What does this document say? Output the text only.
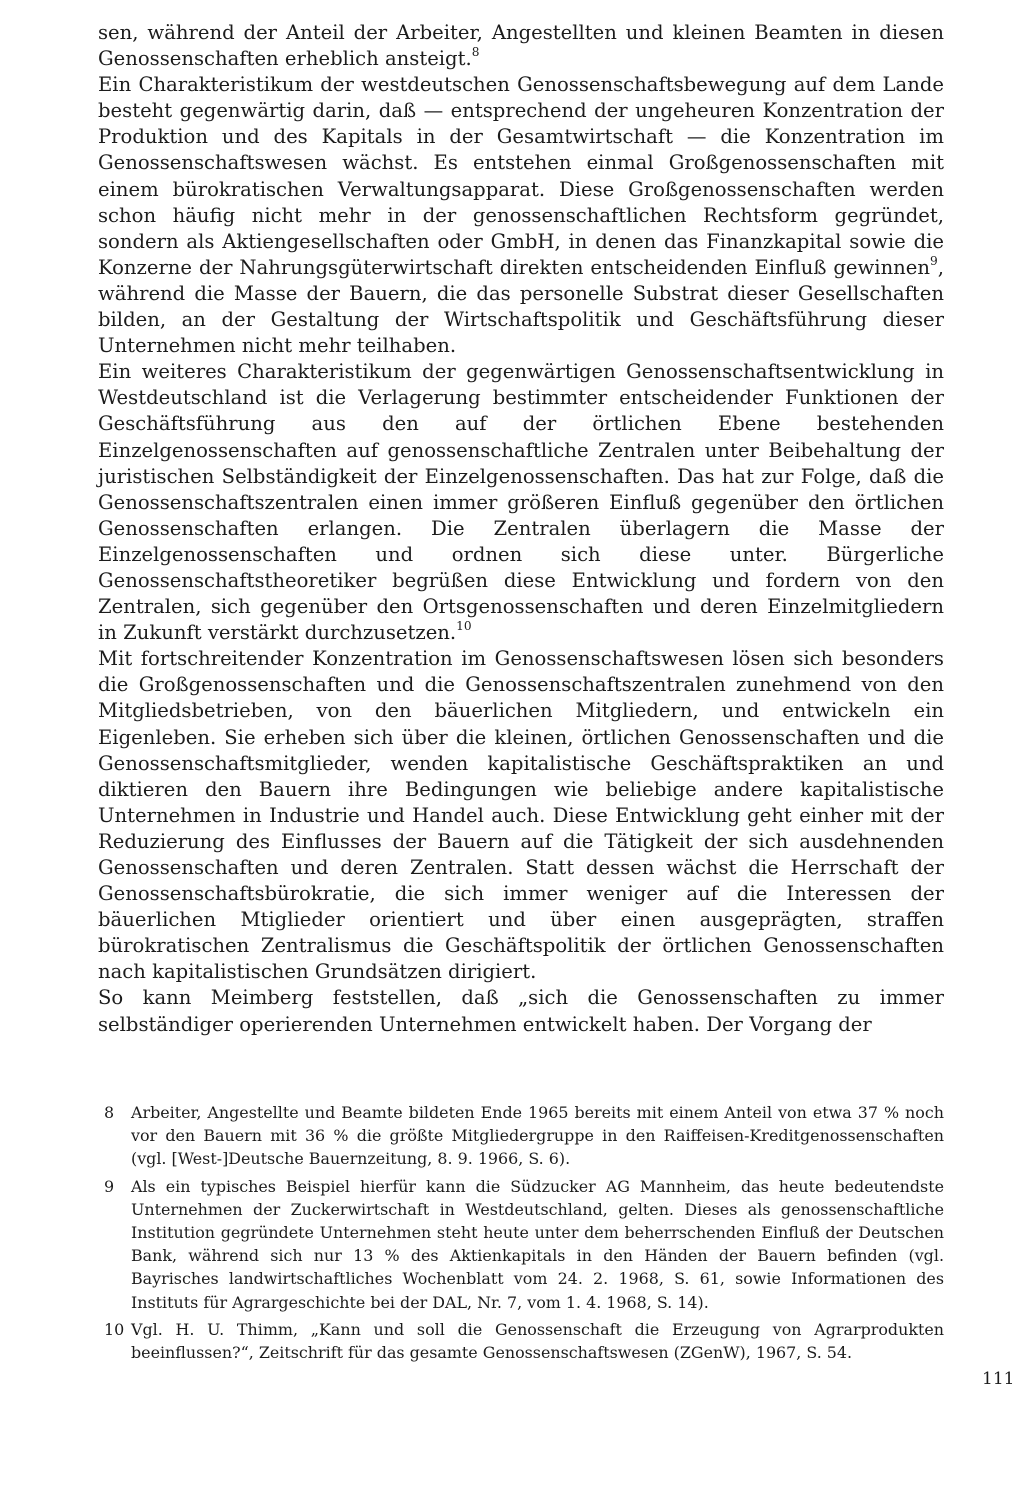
sen, während der Anteil der Arbeiter, Angestellten und kleinen Beamten in diesen Genossenschaften erheblich ansteigt.$^8$

Ein Charakteristikum der westdeutschen Genossenschaftsbewegung auf dem Lande besteht gegenwärtig darin, daß — entsprechend der ungeheuren Konzentration der Produktion und des Kapitals in der Gesamtwirtschaft — die Konzentration im Genossenschaftswesen wächst. Es entstehen einmal Großgenossenschaften mit einem bürokratischen Verwaltungsapparat. Diese Großgenossenschaften werden schon häufig nicht mehr in der genossenschaftlichen Rechtsform gegründet, sondern als Aktiengesellschaften oder GmbH, in denen das Finanzkapital sowie die Konzerne der Nahrungsgüterwirtschaft direkten entscheidenden Einfluß gewinnen$^9$, während die Masse der Bauern, die das personelle Substrat dieser Gesellschaften bilden, an der Gestaltung der Wirtschaftspolitik und Geschäftsführung dieser Unternehmen nicht mehr teilhaben.

Ein weiteres Charakteristikum der gegenwärtigen Genossenschaftsentwicklung in Westdeutschland ist die Verlagerung bestimmter entscheidender Funktionen der Geschäftsführung aus den auf der örtlichen Ebene bestehenden Einzelgenossenschaften auf genossenschaftliche Zentralen unter Beibehaltung der juristischen Selbständigkeit der Einzelgenossenschaften. Das hat zur Folge, daß die Genossenschaftszentralen einen immer größeren Einfluß gegenüber den örtlichen Genossenschaften erlangen. Die Zentralen überlagern die Masse der Einzelgenossenschaften und ordnen sich diese unter. Bürgerliche Genossenschaftstheoretiker begrüßen diese Entwicklung und fordern von den Zentralen, sich gegenüber den Ortsgenossenschaften und deren Einzelmitgliedern in Zukunft verstärkt durchzusetzen.$^{10}$

Mit fortschreitender Konzentration im Genossenschaftswesen lösen sich besonders die Großgenossenschaften und die Genossenschaftszentralen zunehmend von den Mitgliedsbetrieben, von den bäuerlichen Mitgliedern, und entwickeln ein Eigenleben. Sie erheben sich über die kleinen, örtlichen Genossenschaften und die Genossenschaftsmitglieder, wenden kapitalistische Geschäftspraktiken an und diktieren den Bauern ihre Bedingungen wie beliebige andere kapitalistische Unternehmen in Industrie und Handel auch. Diese Entwicklung geht einher mit der Reduzierung des Einflusses der Bauern auf die Tätigkeit der sich ausdehnenden Genossenschaften und deren Zentralen. Statt dessen wächst die Herrschaft der Genossenschaftsbürokratie, die sich immer weniger auf die Interessen der bäuerlichen Mtiglieder orientiert und über einen ausgeprägten, straffen bürokratischen Zentralismus die Geschäftspolitik der örtlichen Genossenschaften nach kapitalistischen Grundsätzen dirigiert.

So kann Meimberg feststellen, daß „sich die Genossenschaften zu immer selbständiger operierenden Unternehmen entwickelt haben. Der Vorgang der

8 Arbeiter, Angestellte und Beamte bildeten Ende 1965 bereits mit einem Anteil von etwa 37 % noch vor den Bauern mit 36 % die größte Mitgliedergruppe in den Raiffeisen-Kreditgenossenschaften (vgl. [West-]Deutsche Bauernzeitung, 8. 9. 1966, S. 6).
9 Als ein typisches Beispiel hierfür kann die Südzucker AG Mannheim, das heute bedeutendste Unternehmen der Zuckerwirtschaft in Westdeutschland, gelten. Dieses als genossenschaftliche Institution gegründete Unternehmen steht heute unter dem beherrschenden Einfluß der Deutschen Bank, während sich nur 13 % des Aktienkapitals in den Händen der Bauern befinden (vgl. Bayrisches landwirtschaftliches Wochenblatt vom 24. 2. 1968, S. 61, sowie Informationen des Instituts für Agrargeschichte bei der DAL, Nr. 7, vom 1. 4. 1968, S. 14).
10 Vgl. H. U. Thimm, „Kann und soll die Genossenschaft die Erzeugung von Agrarprodukten beeinflussen?“, Zeitschrift für das gesamte Genossenschaftswesen (ZGenW), 1967, S. 54.
111
